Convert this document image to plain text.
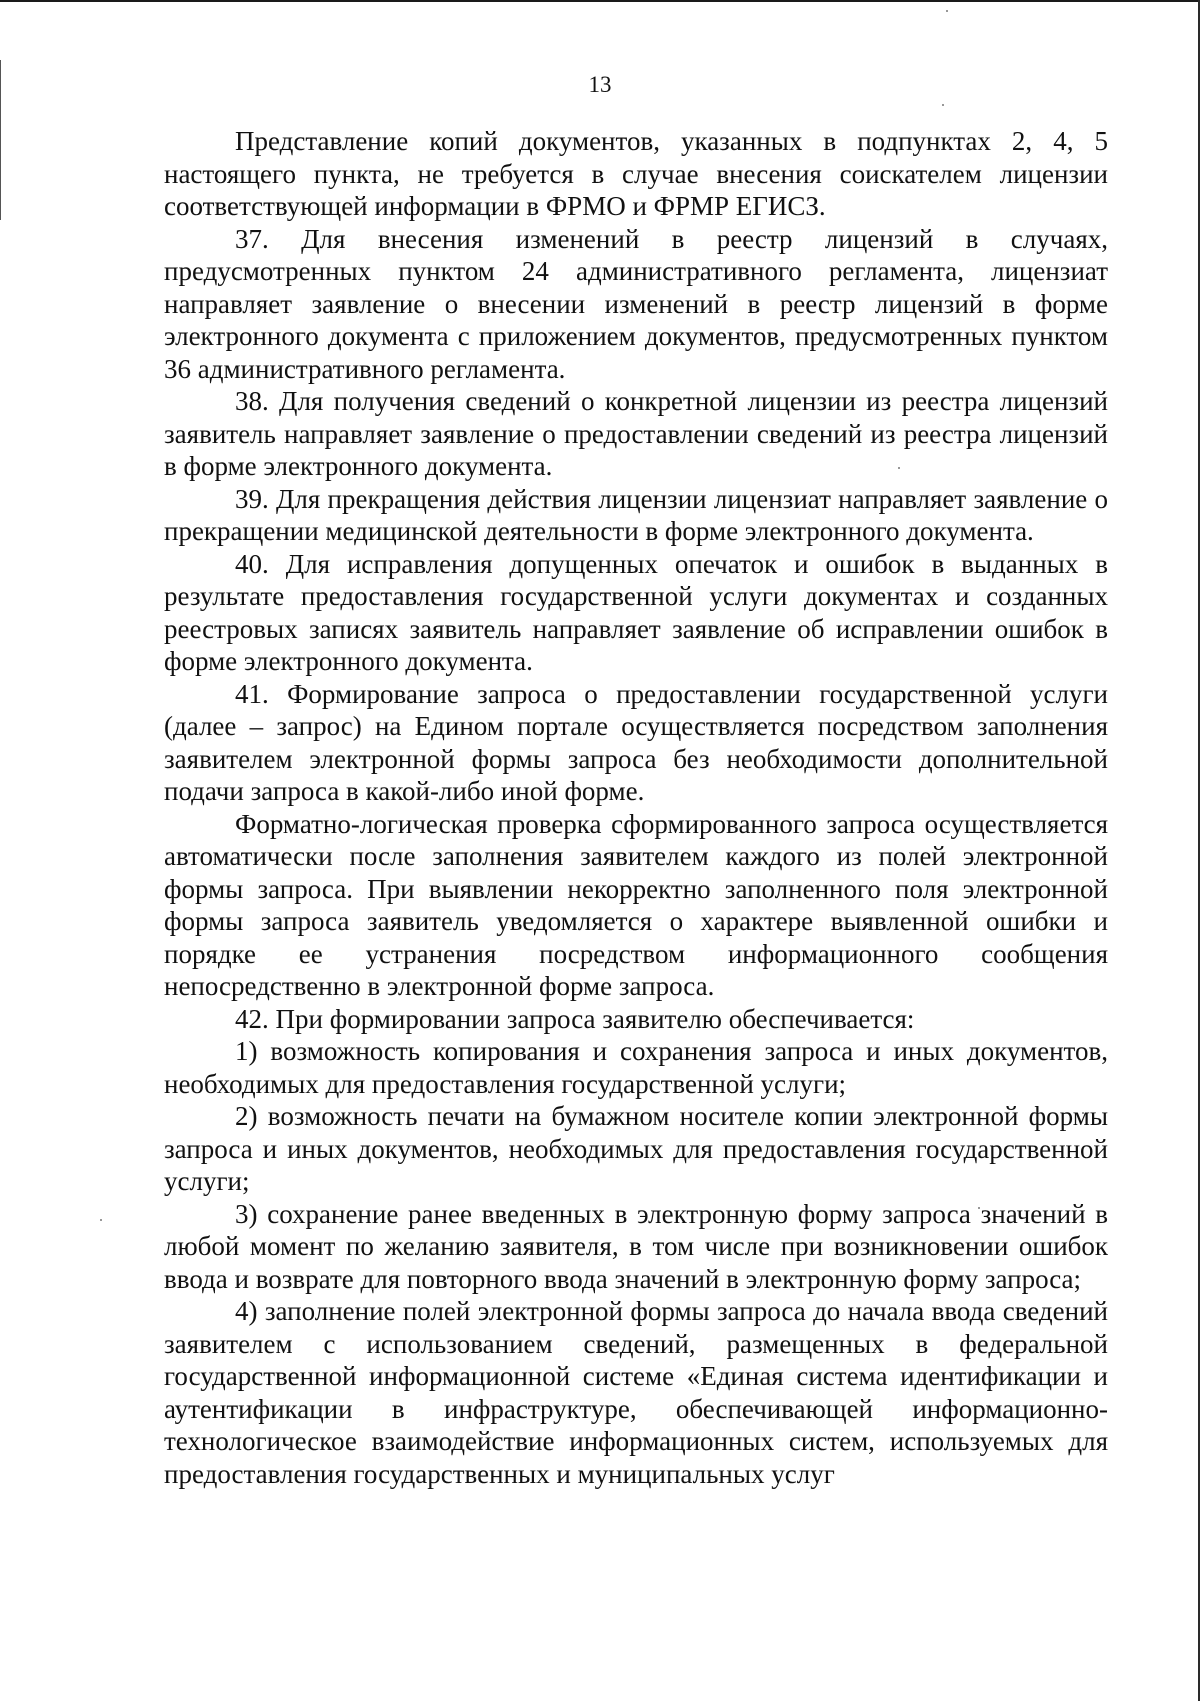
13

Представление копий документов, указанных в подпунктах 2, 4, 5 настоящего пункта, не требуется в случае внесения соискателем лицензии соответствующей информации в ФРМО и ФРМР ЕГИСЗ.

37. Для внесения изменений в реестр лицензий в случаях, предусмотренных пунктом 24 административного регламента, лицензиат направляет заявление о внесении изменений в реестр лицензий в форме электронного документа с приложением документов, предусмотренных пунктом 36 административного регламента.

38. Для получения сведений о конкретной лицензии из реестра лицензий заявитель направляет заявление о предоставлении сведений из реестра лицензий в форме электронного документа.

39. Для прекращения действия лицензии лицензиат направляет заявление о прекращении медицинской деятельности в форме электронного документа.

40. Для исправления допущенных опечаток и ошибок в выданных в результате предоставления государственной услуги документах и созданных реестровых записях заявитель направляет заявление об исправлении ошибок в форме электронного документа.

41. Формирование запроса о предоставлении государственной услуги (далее – запрос) на Едином портале осуществляется посредством заполнения заявителем электронной формы запроса без необходимости дополнительной подачи запроса в какой-либо иной форме.

Форматно-логическая проверка сформированного запроса осуществляется автоматически после заполнения заявителем каждого из полей электронной формы запроса. При выявлении некорректно заполненного поля электронной формы запроса заявитель уведомляется о характере выявленной ошибки и порядке ее устранения посредством информационного сообщения непосредственно в электронной форме запроса.

42. При формировании запроса заявителю обеспечивается:

1) возможность копирования и сохранения запроса и иных документов, необходимых для предоставления государственной услуги;

2) возможность печати на бумажном носителе копии электронной формы запроса и иных документов, необходимых для предоставления государственной услуги;

3) сохранение ранее введенных в электронную форму запроса значений в любой момент по желанию заявителя, в том числе при возникновении ошибок ввода и возврате для повторного ввода значений в электронную форму запроса;

4) заполнение полей электронной формы запроса до начала ввода сведений заявителем с использованием сведений, размещенных в федеральной государственной информационной системе «Единая система идентификации и аутентификации в инфраструктуре, обеспечивающей информационно-технологическое взаимодействие информационных систем, используемых для предоставления государственных и муниципальных услуг
